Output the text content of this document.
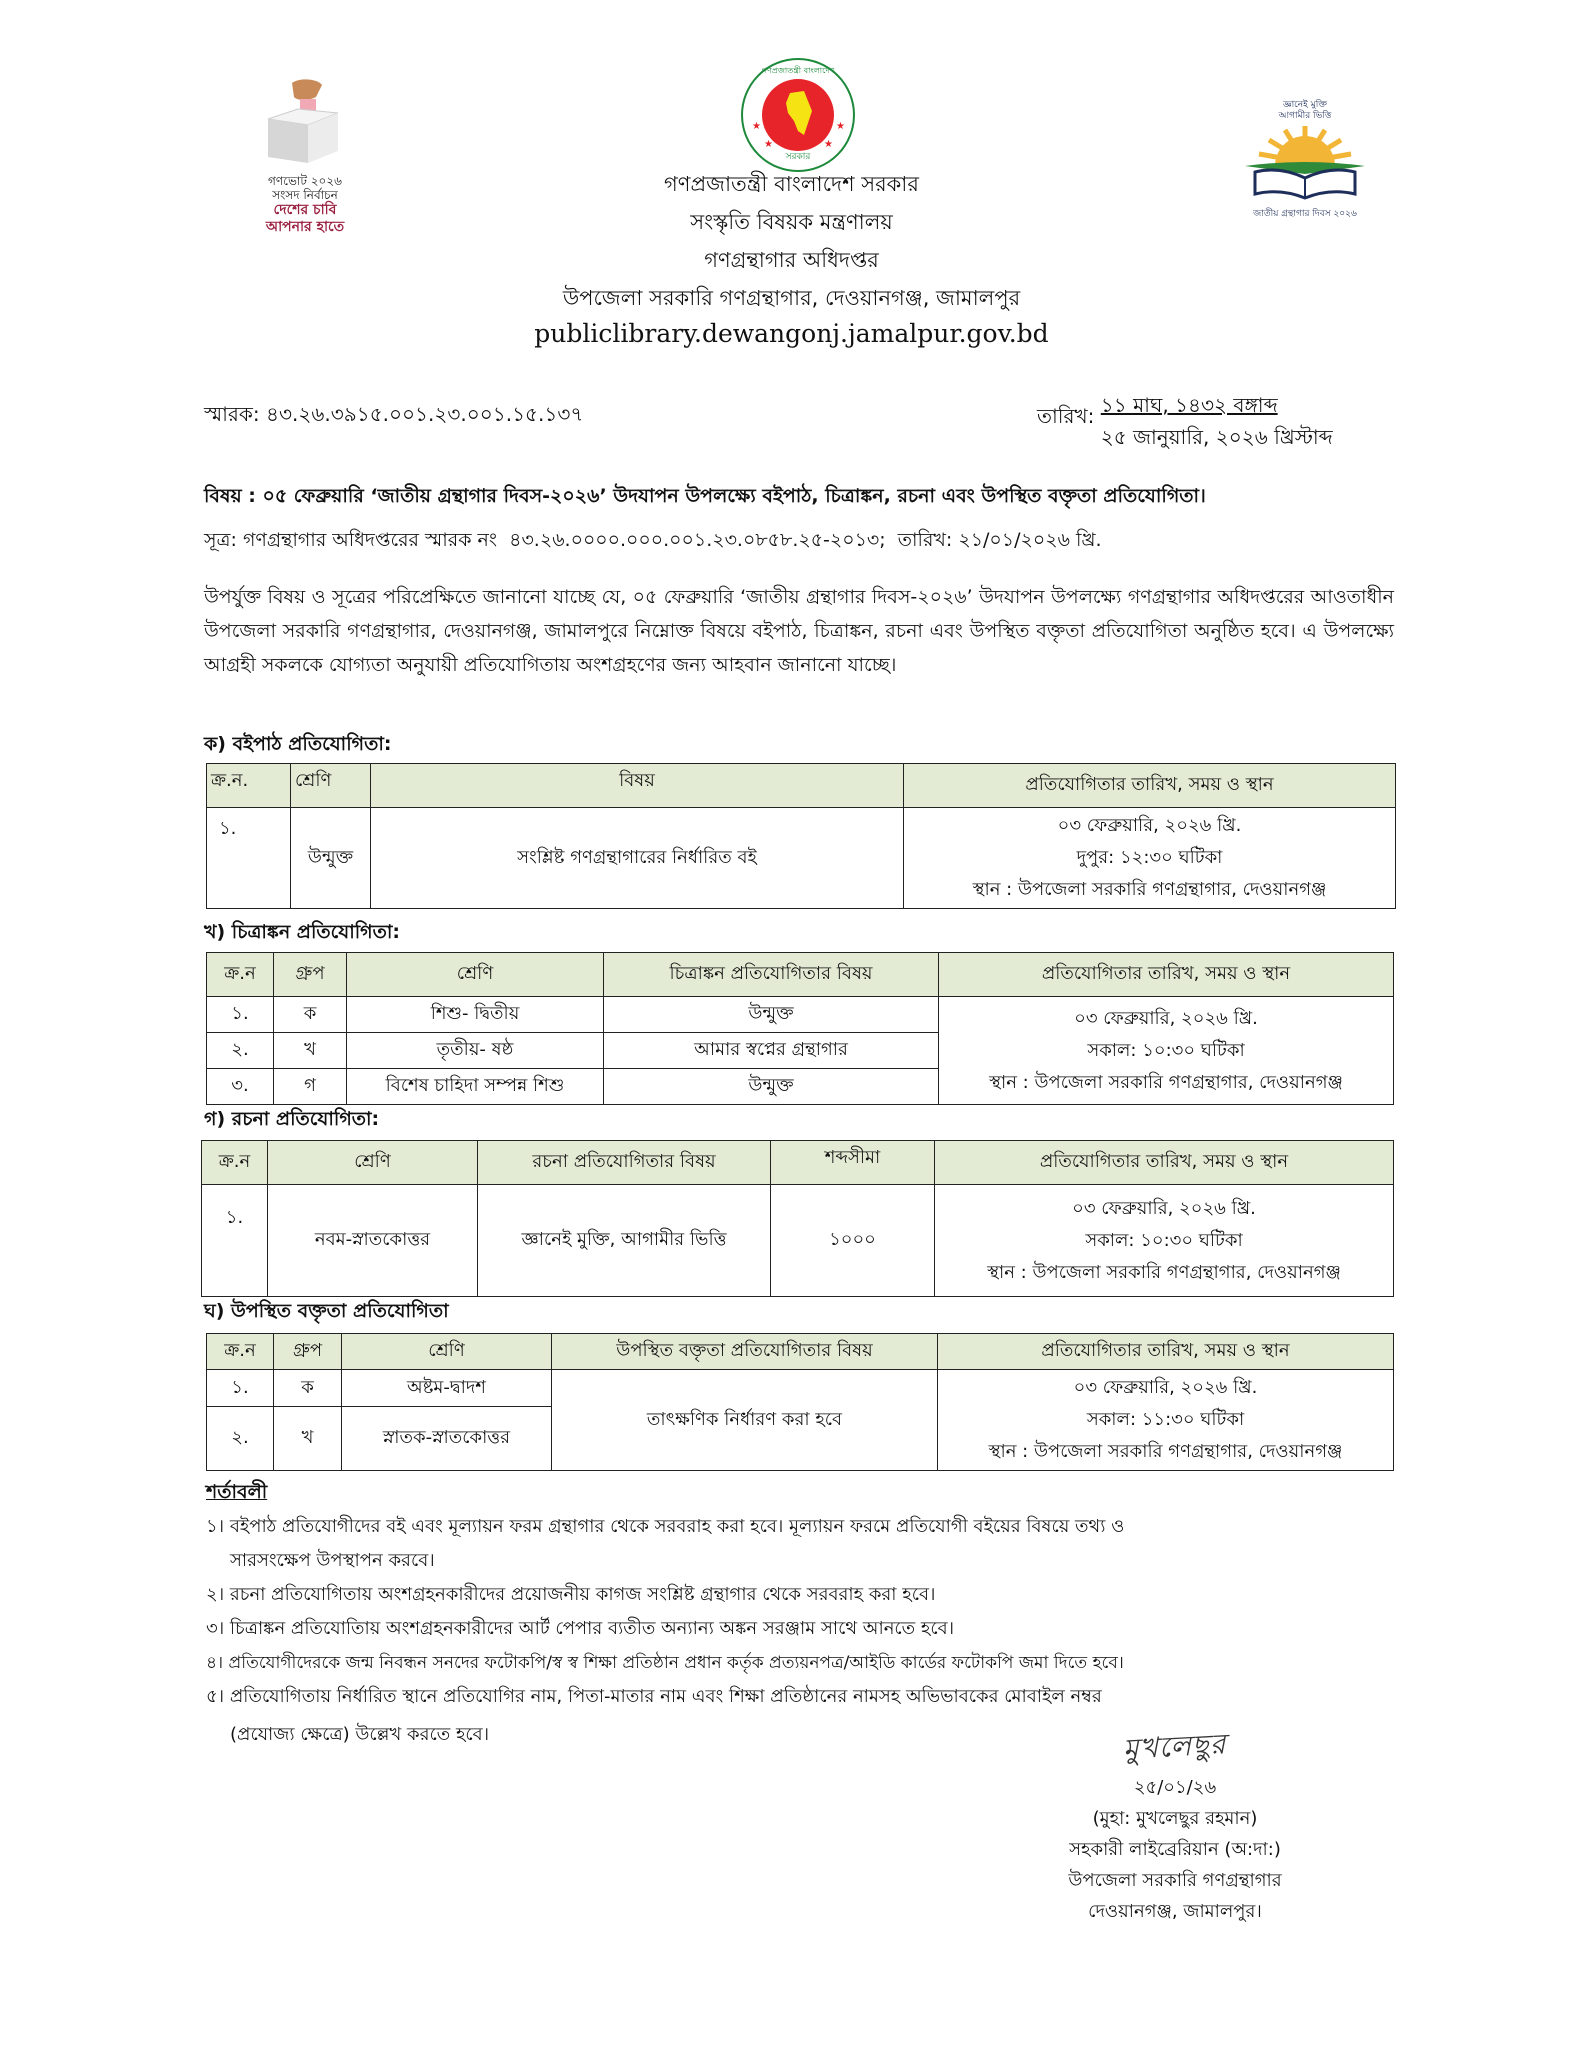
গণভোট ২০২৬
সংসদ নির্বাচন
দেশের চাবি
আপনার হাতে
সরকার
গণপ্রজাতন্ত্রী বাংলাদেশ
★	★
★	★
জ্ঞানেই মুক্তি
আগামীর ভিত্তি
জাতীয় গ্রন্থাগার দিবস ২০২৬
গণপ্রজাতন্ত্রী বাংলাদেশ সরকার
সংস্কৃতি বিষয়ক মন্ত্রণালয়
গণগ্রন্থাগার অধিদপ্তর
উপজেলা সরকারি গণগ্রন্থাগার, দেওয়ানগঞ্জ, জামালপুর
publiclibrary.dewangonj.jamalpur.gov.bd
স্মারক: ৪৩.২৬.৩৯১৫.০০১.২৩.০০১.১৫.১৩৭	তারিখ: ১১ মাঘ, ১৪৩২ বঙ্গাব্দ
২৫ জানুয়ারি, ২০২৬ খ্রিস্টাব্দ
বিষয় : ০৫ ফেব্রুয়ারি ‘জাতীয় গ্রন্থাগার দিবস-২০২৬’ উদযাপন উপলক্ষ্যে বইপাঠ, চিত্রাঙ্কন, রচনা এবং উপস্থিত বক্তৃতা প্রতিযোগিতা।
সূত্র: গণগ্রন্থাগার অধিদপ্তরের স্মারক নং  ৪৩.২৬.০০০০.০০০.০০১.২৩.০৮৫৮.২৫-২০১৩;  তারিখ: ২১/০১/২০২৬ খ্রি.
উপর্যুক্ত বিষয় ও সূত্রের পরিপ্রেক্ষিতে জানানো যাচ্ছে যে, ০৫ ফেব্রুয়ারি ‘জাতীয় গ্রন্থাগার দিবস-২০২৬’ উদযাপন উপলক্ষ্যে গণগ্রন্থাগার অধিদপ্তরের আওতাধীন উপজেলা সরকারি গণগ্রন্থাগার, দেওয়ানগঞ্জ, জামালপুরে নিম্নোক্ত বিষয়ে বইপাঠ, চিত্রাঙ্কন, রচনা এবং উপস্থিত বক্তৃতা প্রতিযোগিতা অনুষ্ঠিত হবে। এ উপলক্ষ্যে আগ্রহী সকলকে যোগ্যতা অনুযায়ী প্রতিযোগিতায় অংশগ্রহণের জন্য আহবান জানানো যাচ্ছে।
ক) বইপাঠ প্রতিযোগিতা:
ক্র.ন.	শ্রেণি	বিষয়	প্রতিযোগিতার তারিখ, সময় ও স্থান
১.	উন্মুক্ত	সংশ্লিষ্ট গণগ্রন্থাগারের নির্ধারিত বই	০৩ ফেব্রুয়ারি, ২০২৬ খ্রি.
দুপুর: ১২:৩০ ঘটিকা
স্থান : উপজেলা সরকারি গণগ্রন্থাগার, দেওয়ানগঞ্জ
খ) চিত্রাঙ্কন প্রতিযোগিতা:
ক্র.ন	গ্রুপ	শ্রেণি	চিত্রাঙ্কন প্রতিযোগিতার বিষয়	প্রতিযোগিতার তারিখ, সময় ও স্থান
১.	ক	শিশু- দ্বিতীয়	উন্মুক্ত	০৩ ফেব্রুয়ারি, ২০২৬ খ্রি.
সকাল: ১০:৩০ ঘটিকা
স্থান : উপজেলা সরকারি গণগ্রন্থাগার, দেওয়ানগঞ্জ

২.	খ	তৃতীয়- ষষ্ঠ	আমার স্বপ্নের গ্রন্থাগার	
৩.	গ	বিশেষ চাহিদা সম্পন্ন শিশু	উন্মুক্ত	
গ) রচনা প্রতিযোগিতা:
ক্র.ন	শ্রেণি	রচনা প্রতিযোগিতার বিষয়	শব্দসীমা	প্রতিযোগিতার তারিখ, সময় ও স্থান
১.	নবম-স্নাতকোত্তর	জ্ঞানেই মুক্তি, আগামীর ভিত্তি	১০০০	০৩ ফেব্রুয়ারি, ২০২৬ খ্রি.
সকাল: ১০:৩০ ঘটিকা
স্থান : উপজেলা সরকারি গণগ্রন্থাগার, দেওয়ানগঞ্জ
ঘ) উপস্থিত বক্তৃতা প্রতিযোগিতা
ক্র.ন	গ্রুপ	শ্রেণি	উপস্থিত বক্তৃতা প্রতিযোগিতার বিষয়	প্রতিযোগিতার তারিখ, সময় ও স্থান
১.	ক	অষ্টম-দ্বাদশ	তাৎক্ষণিক নির্ধারণ করা হবে	০৩ ফেব্রুয়ারি, ২০২৬ খ্রি.
সকাল: ১১:৩০ ঘটিকা
স্থান : উপজেলা সরকারি গণগ্রন্থাগার, দেওয়ানগঞ্জ

২.	খ	স্নাতক-স্নাতকোত্তর		
শর্তাবলী
১। বইপাঠ প্রতিযোগীদের বই এবং মূল্যায়ন ফরম গ্রন্থাগার থেকে সরবরাহ করা হবে। মূল্যায়ন ফরমে প্রতিযোগী বইয়ের বিষয়ে তথ্য ও
সারসংক্ষেপ উপস্থাপন করবে।
২। রচনা প্রতিযোগিতায় অংশগ্রহনকারীদের প্রয়োজনীয় কাগজ সংশ্লিষ্ট গ্রন্থাগার থেকে সরবরাহ করা হবে।
৩। চিত্রাঙ্কন প্রতিযোতিায় অংশগ্রহনকারীদের আর্ট পেপার ব্যতীত অন্যান্য অঙ্কন সরঞ্জাম সাথে আনতে হবে।
৪। প্রতিযোগীদেরকে জন্ম নিবন্ধন সনদের ফটোকপি/স্ব স্ব শিক্ষা প্রতিষ্ঠান প্রধান কর্তৃক প্রত্যয়নপত্র/আইডি কার্ডের ফটোকপি জমা দিতে হবে।
৫। প্রতিযোগিতায় নির্ধারিত স্থানে প্রতিযোগির নাম, পিতা-মাতার নাম এবং শিক্ষা প্রতিষ্ঠানের নামসহ অভিভাবকের মোবাইল নম্বর
(প্রযোজ্য ক্ষেত্রে) উল্লেখ করতে হবে।	মুখলেছুর
২৫/০১/২৬
(মুহা: মুখলেছুর রহমান)
সহকারী লাইব্রেরিয়ান (অ:দা:)
উপজেলা সরকারি গণগ্রন্থাগার
দেওয়ানগঞ্জ, জামালপুর।
